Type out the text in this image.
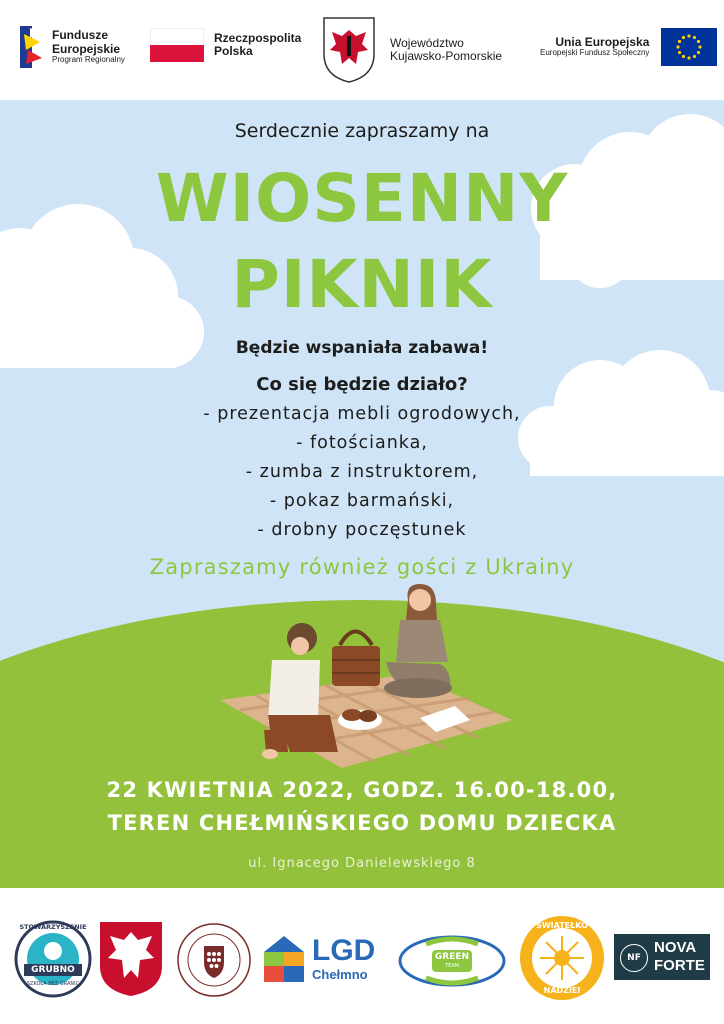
Fundusze
Europejskie
Program Regionalny
Rzeczpospolita
Polska
Województwo
Kujawsko-Pomorskie
Unia Europejska
Europejski Fundusz Społeczny
Serdecznie zapraszamy na
WIOSENNY
PIKNIK
Będzie wspaniała zabawa!
Co się będzie działo?
- prezentacja mebli ogrodowych,
- fotościanka,
- zumba z instruktorem,
- pokaz barmański,
- drobny poczęstunek
Zapraszamy również gości z Ukrainy
22 KWIETNIA 2022, GODZ. 16.00-18.00,
TEREN CHEŁMIŃSKIEGO DOMU DZIECKA
ul. Ignacego Danielewskiego 8
STOWARZYSZENIE
GRUBNO
SZKOŁA BEZ GRANIC
LGD
Chełmno
GREEN
TEAM
ŚWIATEŁKO
NADZIEI
NF
NOVA
FORTE
